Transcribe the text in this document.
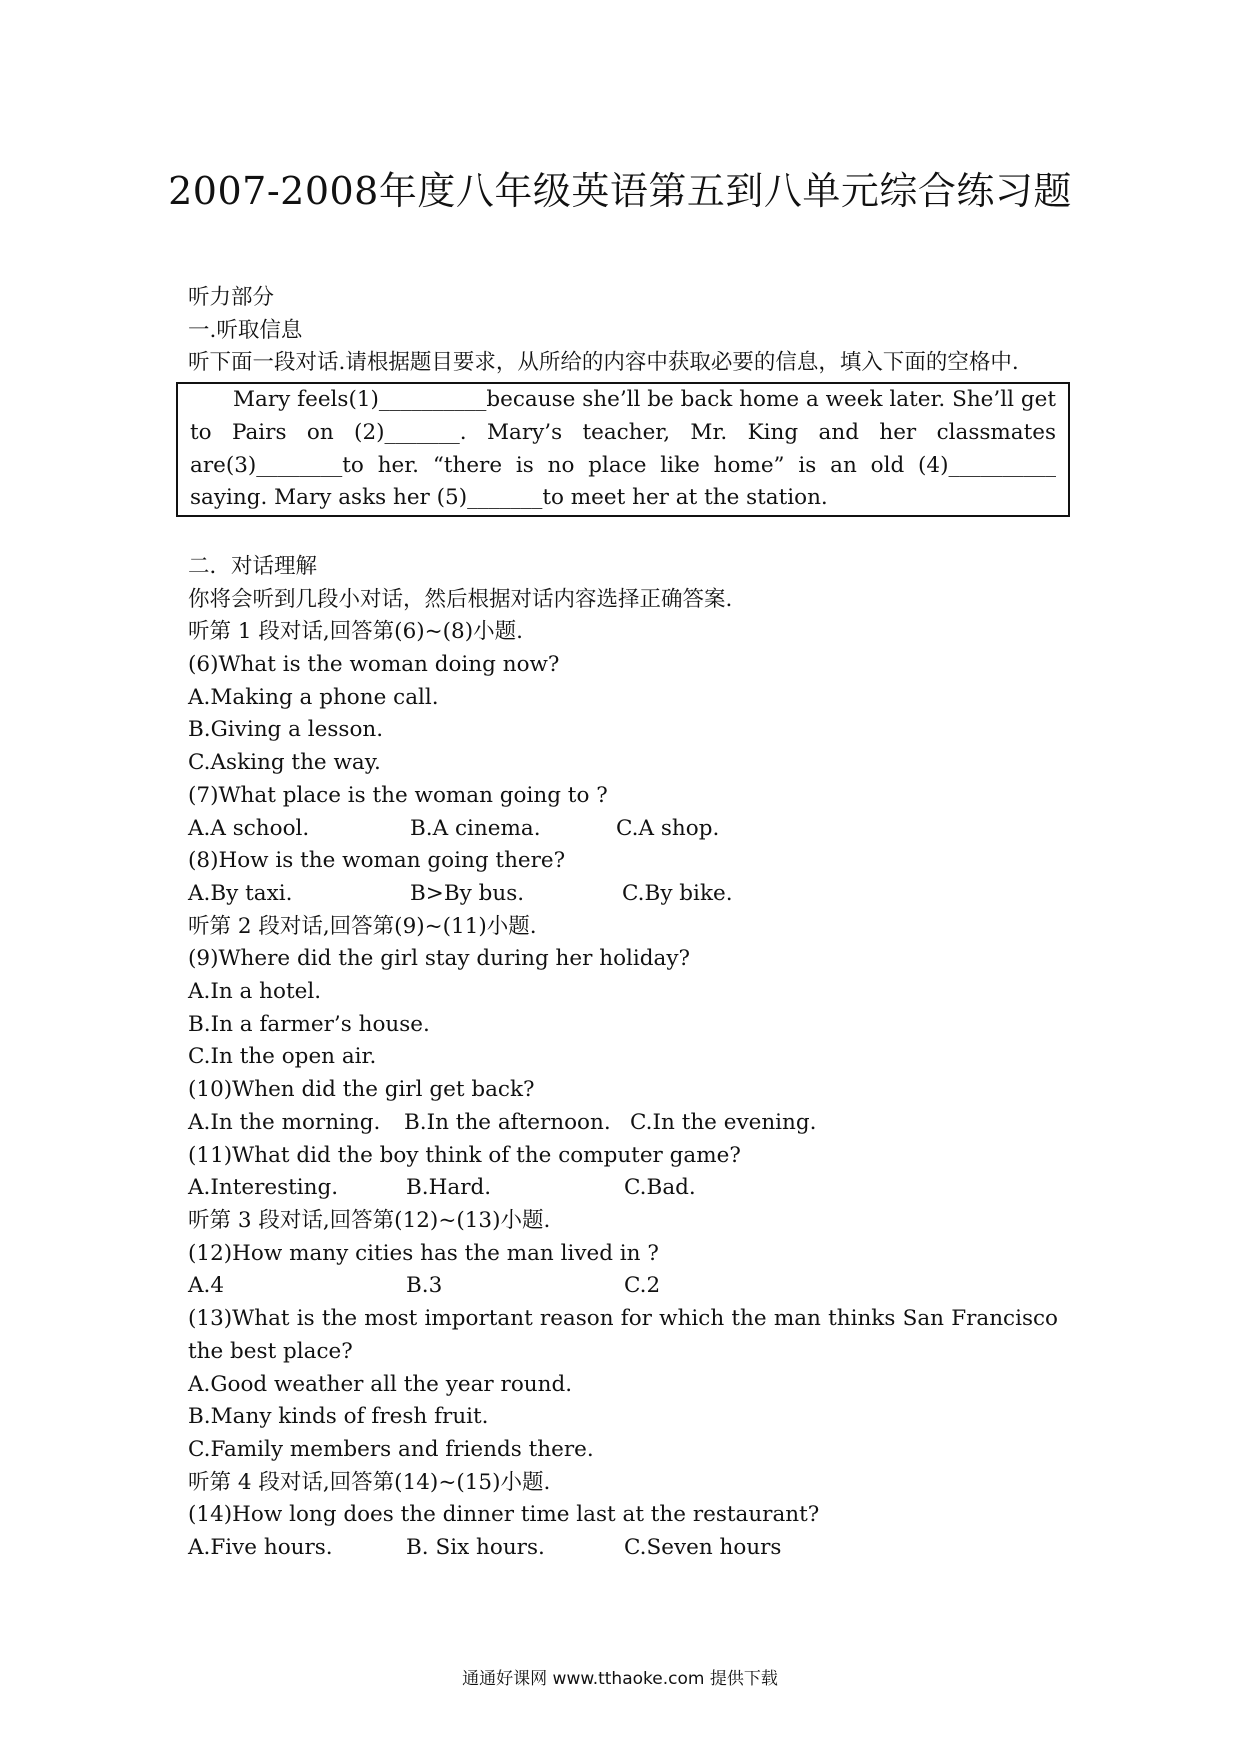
2007-2008年度八年级英语第五到八单元综合练习题
听力部分
一.听取信息
听下面一段对话.请根据题目要求，从所给的内容中获取必要的信息，填入下面的空格中.

Mary feels(1)__________because she’ll be back home a week later. She’ll get to Pairs on (2)_______. Mary’s teacher, Mr. King and her classmates are(3)________to her. “there is no place like home” is an old (4)__________ saying. Mary asks her (5)_______to meet her at the station.

二．对话理解
你将会听到几段小对话，然后根据对话内容选择正确答案.
听第 1 段对话,回答第(6)~(8)小题.
(6)What is the woman doing now?
A.Making a phone call.
B.Giving a lesson.
C.Asking the way.
(7)What place is the woman going to ?
A.A school.	B.A cinema.	C.A shop.
(8)How is the woman going there?
A.By taxi.	B>By bus.	C.By bike.
听第 2 段对话,回答第(9)~(11)小题.
(9)Where did the girl stay during her holiday?
A.In a hotel.
B.In a farmer’s house.
C.In the open air.
(10)When did the girl get back?
A.In the morning.	B.In the afternoon. C.In the evening.
(11)What did the boy think of the computer game?
A.Interesting.	B.Hard.	C.Bad.
听第 3 段对话,回答第(12)~(13)小题.
(12)How many cities has the man lived in ?
A.4	B.3	C.2
(13)What is the most important reason for which the man thinks San Francisco the best place?
A.Good weather all the year round.
B.Many kinds of fresh fruit.
C.Family members and friends there.
听第 4 段对话,回答第(14)~(15)小题.
(14)How long does the dinner time last at the restaurant?
A.Five hours.	B. Six hours.	C.Seven hours
通通好课网 www.tthaoke.com 提供下载
